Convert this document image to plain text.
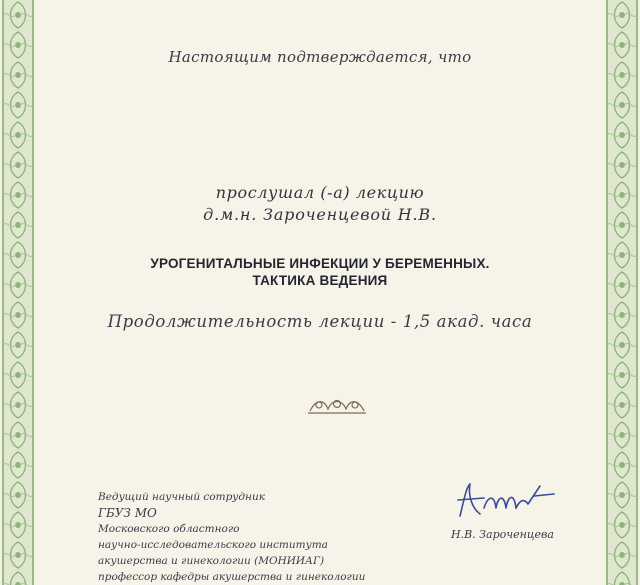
Настоящим подтверждается, что
прослушал (-а) лекцию
д.м.н. Зароченцевой Н.В.
УРОГЕНИТАЛЬНЫЕ ИНФЕКЦИИ У БЕРЕМЕННЫХ.
ТАКТИКА ВЕДЕНИЯ
Продолжительность лекции - 1,5 акад. часа
Ведущий научный сотрудник
ГБУЗ МО
Московского областного
научно-исследовательского института
акушерства и гинекологии (МОНИИАГ)
профессор кафедры акушерства и гинекологии
Н.В. Зароченцева
